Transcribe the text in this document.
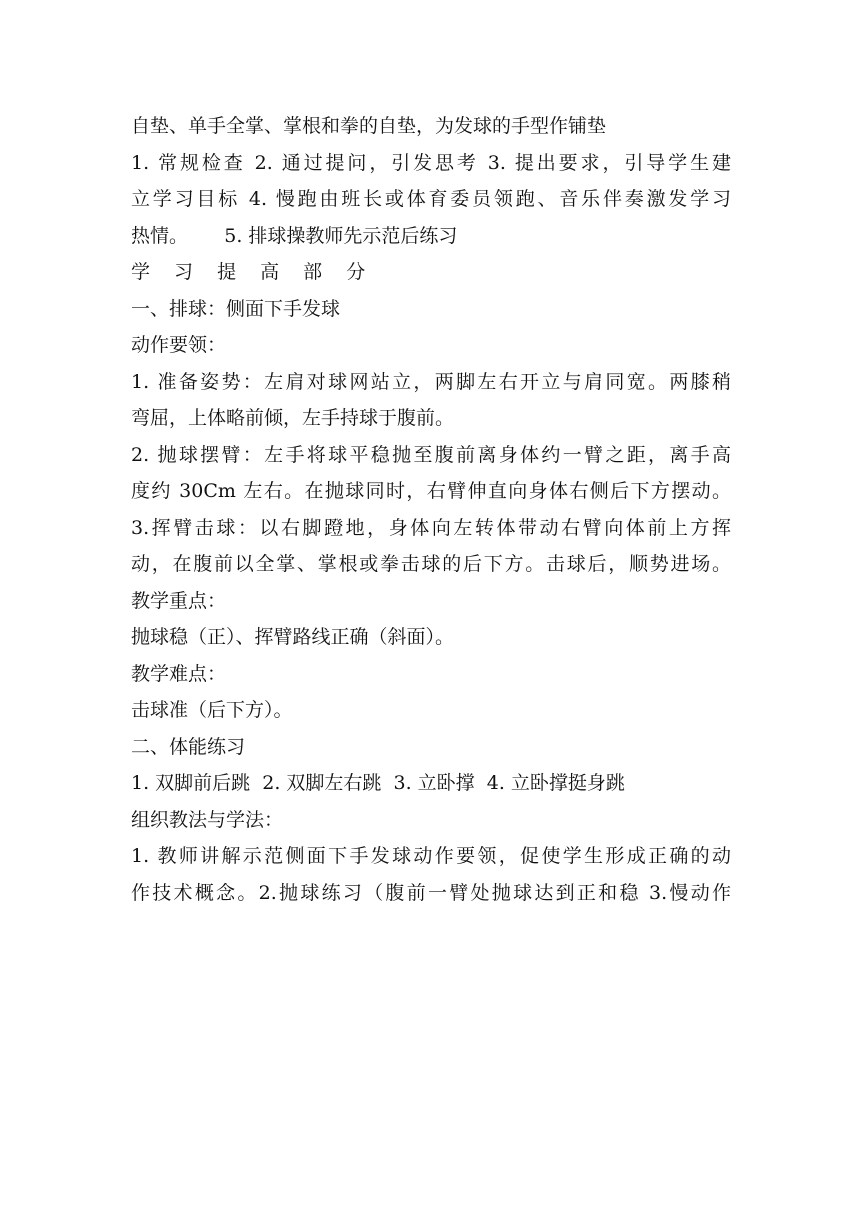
自垫、单手全掌、掌根和拳的自垫，为发球的手型作铺垫
1. 常规检查 2. 通过提问，引发思考 3. 提出要求，引导学生建
立学习目标 4. 慢跑由班长或体育委员领跑、音乐伴奏激发学习
热情。      5. 排球操教师先示范后练习
学 习 提 高 部 分
一、排球：侧面下手发球
动作要领：
1. 准备姿势：左肩对球网站立，两脚左右开立与肩同宽。两膝稍
弯屈，上体略前倾，左手持球于腹前。
2. 抛球摆臂：左手将球平稳抛至腹前离身体约一臂之距，离手高
度约 30Cm 左右。在抛球同时，右臂伸直向身体右侧后下方摆动。
3.挥臂击球：以右脚蹬地，身体向左转体带动右臂向体前上方挥
动，在腹前以全掌、掌根或拳击球的后下方。击球后，顺势进场。
教学重点：
抛球稳（正）、挥臂路线正确（斜面）。
教学难点：
击球准（后下方）。
二、体能练习
1. 双脚前后跳  2. 双脚左右跳  3. 立卧撑  4. 立卧撑挺身跳
组织教法与学法：
1. 教师讲解示范侧面下手发球动作要领，促使学生形成正确的动
作技术概念。2.抛球练习（腹前一臂处抛球达到正和稳 3.慢动作
